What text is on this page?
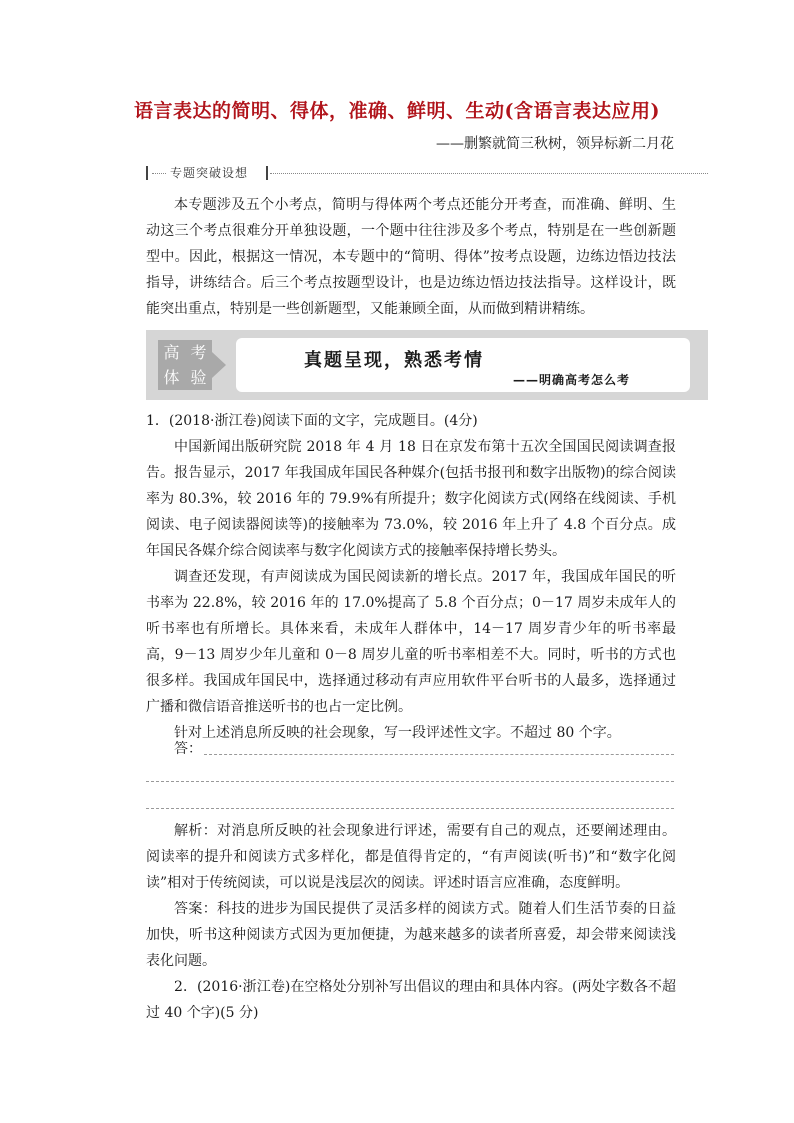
语言表达的简明、得体，准确、鲜明、生动(含语言表达应用)
——删繁就简三秋树，领异标新二月花
专题突破设想

本专题涉及五个小考点，简明与得体两个考点还能分开考查，而准确、鲜明、生动这三个考点很难分开单独设题，一个题中往往涉及多个考点，特别是在一些创新题型中。因此，根据这一情况，本专题中的“简明、得体”按考点设题，边练边悟边技法指导，讲练结合。后三个考点按题型设计，也是边练边悟边技法指导。这样设计，既能突出重点，特别是一些创新题型，又能兼顾全面，从而做到精讲精练。

高 考
体 验
真题呈现，熟悉考情
——明确高考怎么考
1．(2018·浙江卷)阅读下面的文字，完成题目。(4分)

中国新闻出版研究院 2018 年 4 月 18 日在京发布第十五次全国国民阅读调查报告。报告显示，2017 年我国成年国民各种媒介(包括书报刊和数字出版物)的综合阅读率为 80.3%，较 2016 年的 79.9%有所提升；数字化阅读方式(网络在线阅读、手机阅读、电子阅读器阅读等)的接触率为 73.0%，较 2016 年上升了 4.8 个百分点。成年国民各媒介综合阅读率与数字化阅读方式的接触率保持增长势头。

调查还发现，有声阅读成为国民阅读新的增长点。2017 年，我国成年国民的听书率为 22.8%，较 2016 年的 17.0%提高了 5.8 个百分点；0－17 周岁未成年人的听书率也有所增长。具体来看，未成年人群体中，14－17 周岁青少年的听书率最高，9－13 周岁少年儿童和 0－8 周岁儿童的听书率相差不大。同时，听书的方式也很多样。我国成年国民中，选择通过移动有声应用软件平台听书的人最多，选择通过广播和微信语音推送听书的也占一定比例。

针对上述消息所反映的社会现象，写一段评述性文字。不超过 80 个字。

答：

解析：对消息所反映的社会现象进行评述，需要有自己的观点，还要阐述理由。阅读率的提升和阅读方式多样化，都是值得肯定的，“有声阅读(听书)”和“数字化阅读”相对于传统阅读，可以说是浅层次的阅读。评述时语言应准确，态度鲜明。

答案：科技的进步为国民提供了灵活多样的阅读方式。随着人们生活节奏的日益加快，听书这种阅读方式因为更加便捷，为越来越多的读者所喜爱，却会带来阅读浅表化问题。

2．(2016·浙江卷)在空格处分别补写出倡议的理由和具体内容。(两处字数各不超过 40 个字)(5 分)
